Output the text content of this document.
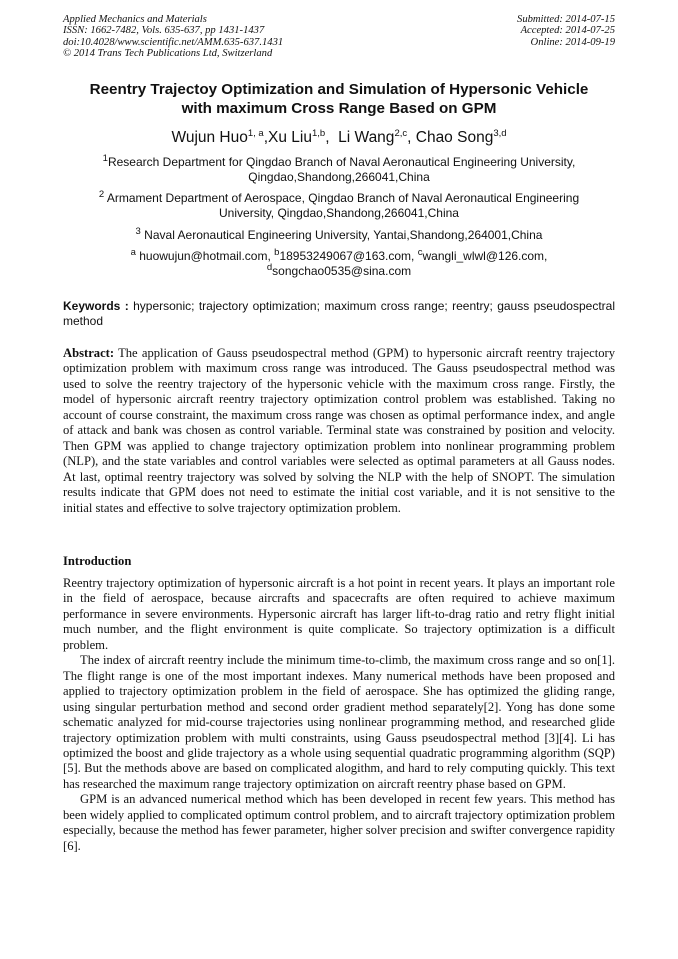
Applied Mechanics and Materials
ISSN: 1662-7482, Vols. 635-637, pp 1431-1437
doi:10.4028/www.scientific.net/AMM.635-637.1431
© 2014 Trans Tech Publications Ltd, Switzerland
Submitted: 2014-07-15
Accepted: 2014-07-25
Online: 2014-09-19
Reentry Trajectoy Optimization and Simulation of Hypersonic Vehicle
with maximum Cross Range Based on GPM
Wujun Huo$^{1, a}$,Xu Liu$^{1,b}$,  Li Wang$^{2,c}$, Chao Song$^{3,d}$
$^1$Research Department for Qingdao Branch of Naval Aeronautical Engineering University,
Qingdao,Shandong,266041,China
$^2$ Armament Department of Aerospace, Qingdao Branch of Naval Aeronautical Engineering
University, Qingdao,Shandong,266041,China
$^3$ Naval Aeronautical Engineering University, Yantai,Shandong,264001,China
$^a$ huowujun@hotmail.com, $^b$18953249067@163.com, $^c$wangli_wlwl@126.com,
$^d$songchao0535@sina.com
Keywords : hypersonic; trajectory optimization; maximum cross range; reentry; gauss pseudospectral method

Abstract: The application of Gauss pseudospectral method (GPM) to hypersonic aircraft reentry trajectory optimization problem with maximum cross range was introduced. The Gauss pseudospectral method was used to solve the reentry trajectory of the hypersonic vehicle with the maximum cross range. Firstly, the model of hypersonic aircraft reentry trajectory optimization control problem was established. Taking no account of course constraint, the maximum cross range was chosen as optimal performance index, and angle of attack and bank was chosen as control variable. Terminal state was constrained by position and velocity. Then GPM was applied to change trajectory optimization problem into nonlinear programming problem (NLP), and the state variables and control variables were selected as optimal parameters at all Gauss nodes. At last, optimal reentry trajectory was solved by solving the NLP with the help of SNOPT. The simulation results indicate that GPM does not need to estimate the initial cost variable, and it is not sensitive to the initial states and effective to solve trajectory optimization problem.

Introduction

Reentry trajectory optimization of hypersonic aircraft is a hot point in recent years. It plays an important role in the field of aerospace, because aircrafts and spacecrafts are often required to achieve maximum performance in severe environments. Hypersonic aircraft has larger lift-to-drag ratio and retry flight initial much number, and the flight environment is quite complicate. So trajectory optimization is a difficult problem.

The index of aircraft reentry include the minimum time-to-climb, the maximum cross range and so on[1]. The flight range is one of the most important indexes. Many numerical methods have been proposed and applied to trajectory optimization problem in the field of aerospace. She has optimized the gliding range, using singular perturbation method and second order gradient method separately[2]. Yong has done some schematic analyzed for mid-course trajectories using nonlinear programming method, and researched glide trajectory optimization problem with multi constraints, using Gauss pseudospectral method [3][4]. Li has optimized the boost and glide trajectory as a whole using sequential quadratic programming algorithm (SQP)[5]. But the methods above are based on complicated alogithm, and hard to rely computing quickly. This text has researched the maximum range trajectory optimization on aircraft reentry phase based on GPM.

GPM is an advanced numerical method which has been developed in recent few years. This method has been widely applied to complicated optimum control problem, and to aircraft trajectory optimization problem especially, because the method has fewer parameter, higher solver precision and swifter convergence rapidity [6].
